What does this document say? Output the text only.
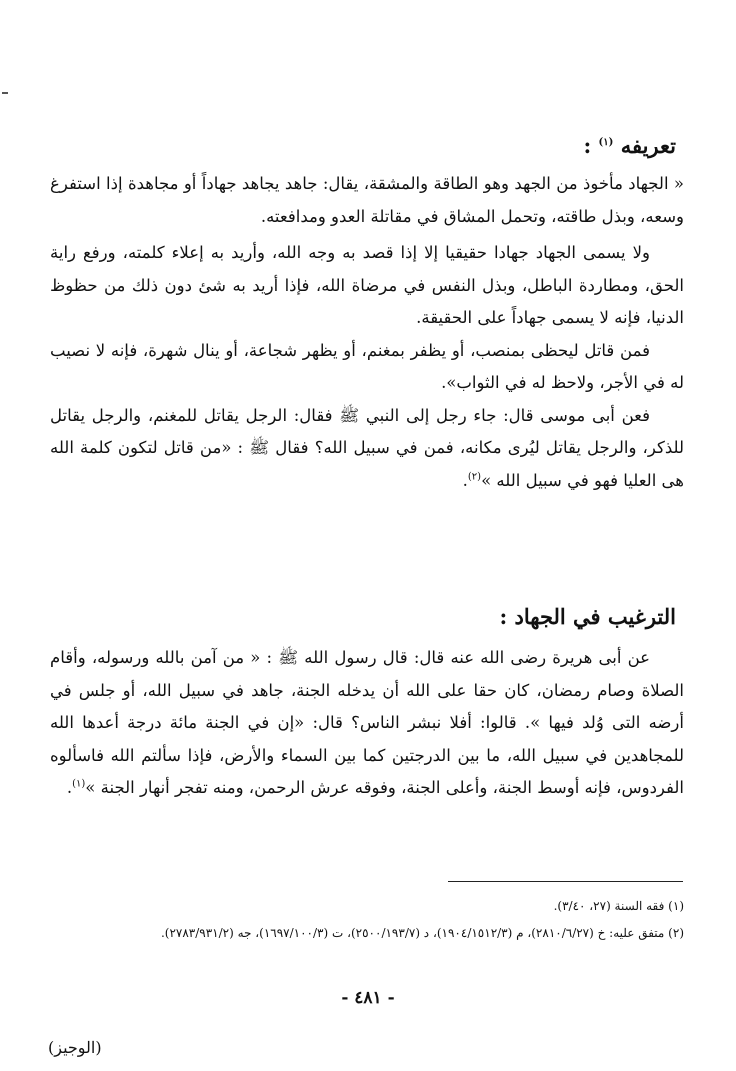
تعريفه $^{(١)}$ :

« الجهاد مأخوذ من الجهد وهو الطاقة والمشقة، يقال: جاهد يجاهد جهاداً أو مجاهدة إذا استفرغ وسعه، وبذل طاقته، وتحمل المشاق في مقاتلة العدو ومدافعته.

ولا يسمى الجهاد جهادا حقيقيا إلا إذا قصد به وجه الله، وأريد به إعلاء كلمته، ورفع راية الحق، ومطاردة الباطل، وبذل النفس في مرضاة الله، فإذا أريد به شئ دون ذلك من حظوظ الدنيا، فإنه لا يسمى جهاداً على الحقيقة.

فمن قاتل ليحظى بمنصب، أو يظفر بمغنم، أو يظهر شجاعة، أو ينال شهرة، فإنه لا نصيب له في الأجر، ولاحظ له في الثواب».

فعن أبى موسى قال: جاء رجل إلى النبي ﷺ فقال: الرجل يقاتل للمغنم، والرجل يقاتل للذكر، والرجل يقاتل ليُرى مكانه، فمن في سبيل الله؟ فقال ﷺ : «من قاتل لتكون كلمة الله هى العليا فهو في سبيل الله »$^{(٢)}$.

الترغيب في الجهاد :

عن أبى هريرة رضى الله عنه قال: قال رسول الله ﷺ : « من آمن بالله ورسوله، وأقام الصلاة وصام رمضان، كان حقا على الله أن يدخله الجنة، جاهد في سبيل الله، أو جلس في أرضه التى وُلد فيها ». قالوا: أفلا نبشر الناس؟ قال: «إن في الجنة مائة درجة أعدها الله للمجاهدين في سبيل الله، ما بين الدرجتين كما بين السماء والأرض، فإذا سألتم الله فاسألوه الفردوس، فإنه أوسط الجنة، وأعلى الجنة، وفوقه عرش الرحمن، ومنه تفجر أنهار الجنة »$^{(١)}$.

(١) فقه السنة (٢٧، ٣/٤٠).

(٢) متفق عليه: خ (٢٨١٠/٦/٢٧)، م (١٩٠٤/١٥١٢/٣)، د (٢٥٠٠/١٩٣/٧)، ت (١٦٩٧/١٠٠/٣)، جه (٢٧٨٣/٩٣١/٢).

- ٤٨١ -
(الوجيز)
